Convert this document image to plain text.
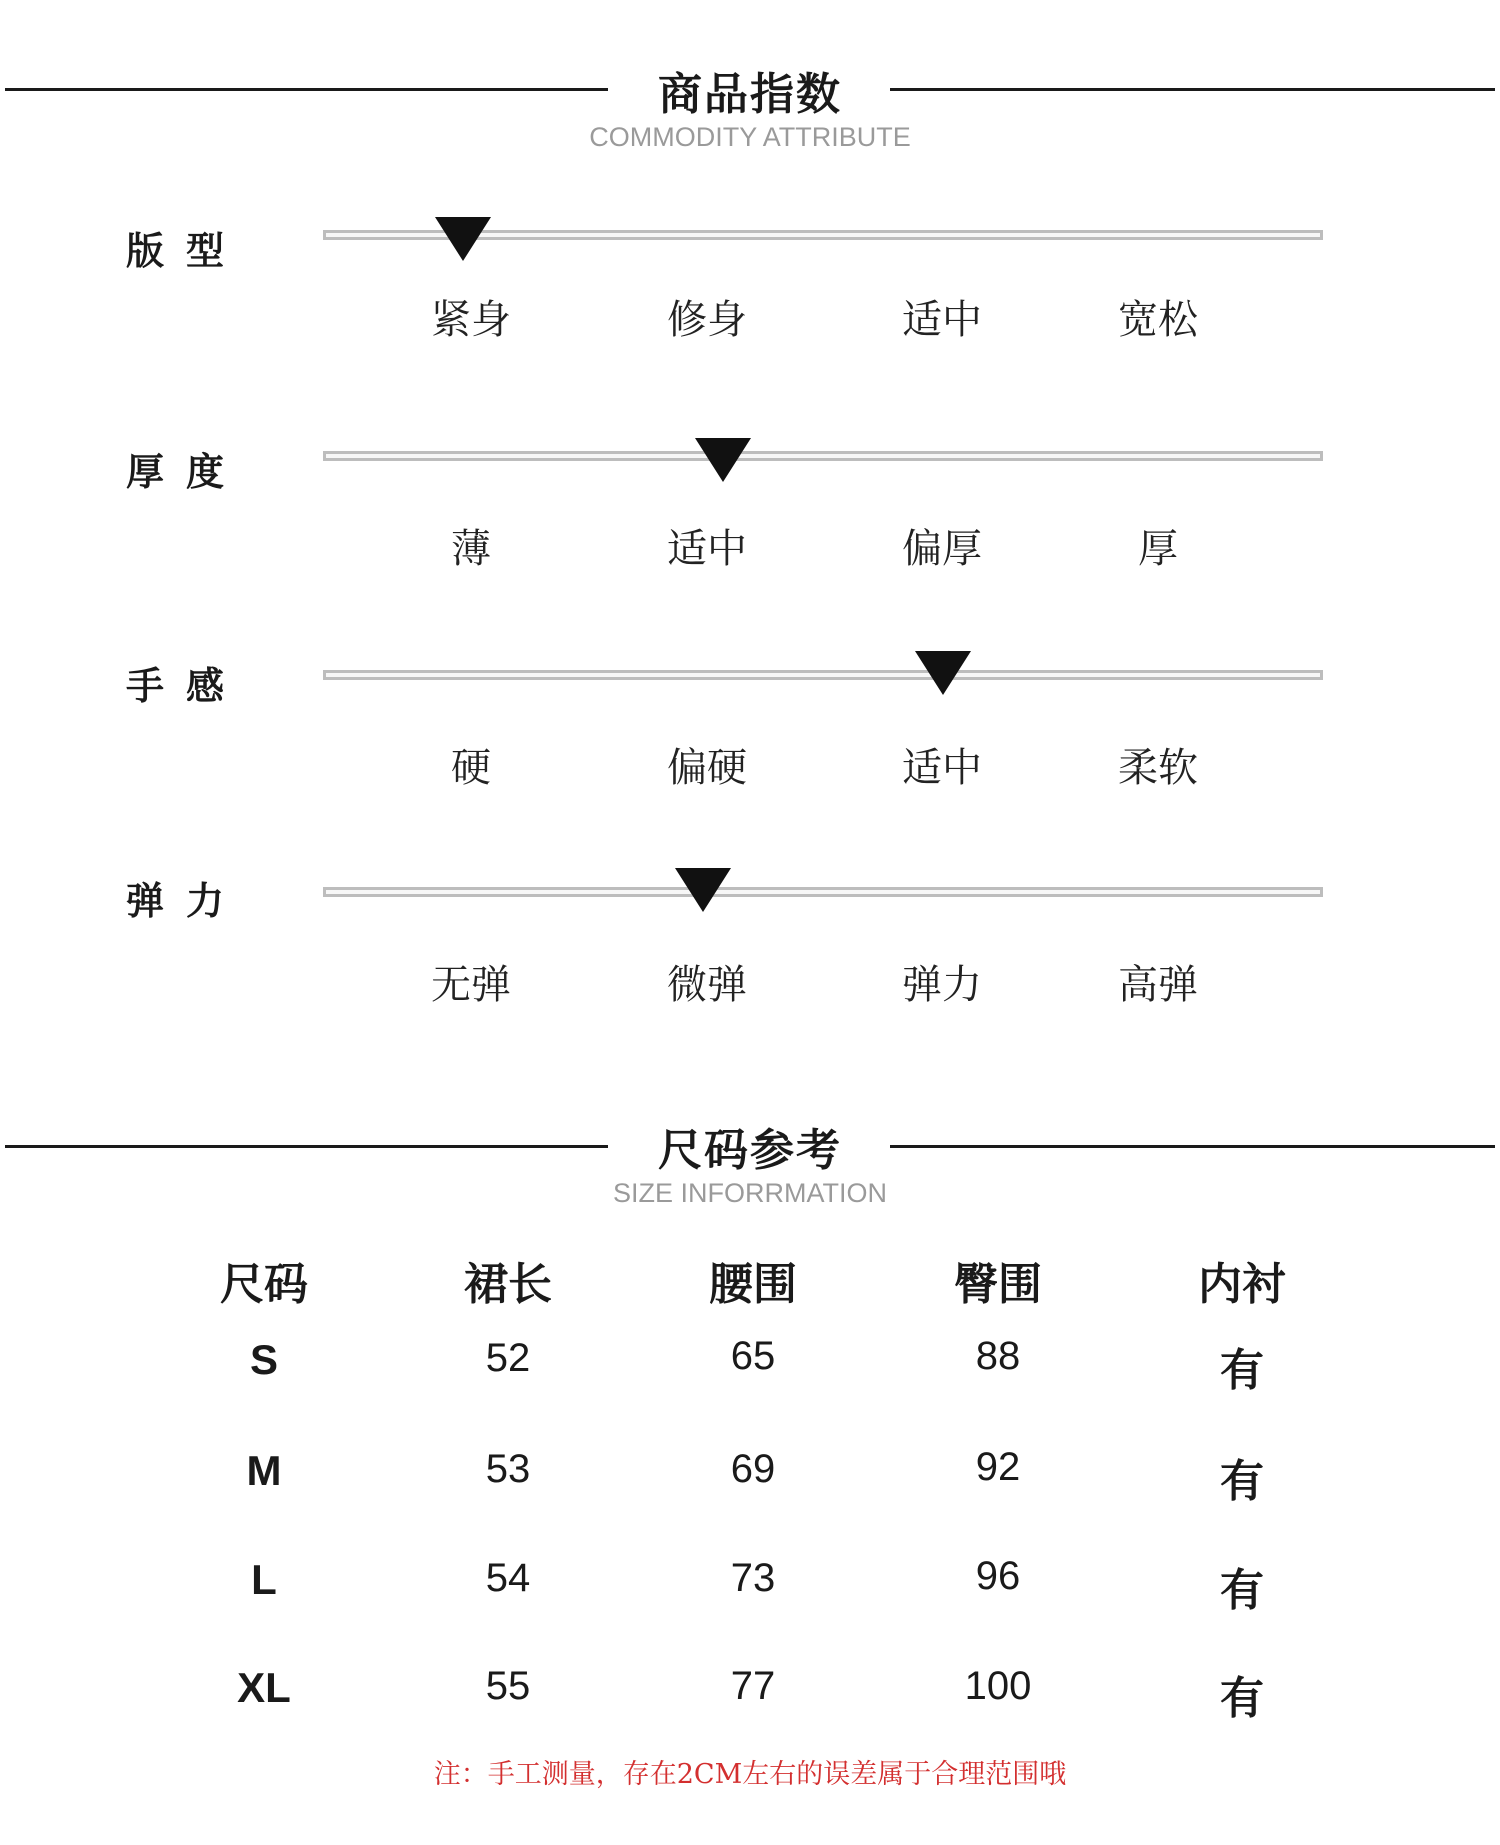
商品指数
COMMODITY ATTRIBUTE
版型
紧身	修身	适中	宽松
厚度
薄	适中	偏厚	厚
手感
硬	偏硬	适中	柔软
弹力
无弹	微弹	弹力	高弹
尺码参考
SIZE INFORRMATION
尺码	裙长	腰围	臀围	内衬
S	52	65	88	有
M	53	69	92	有
L	54	73	96	有
XL	55	77	100	有
注：手工测量，存在2CM左右的误差属于合理范围哦
